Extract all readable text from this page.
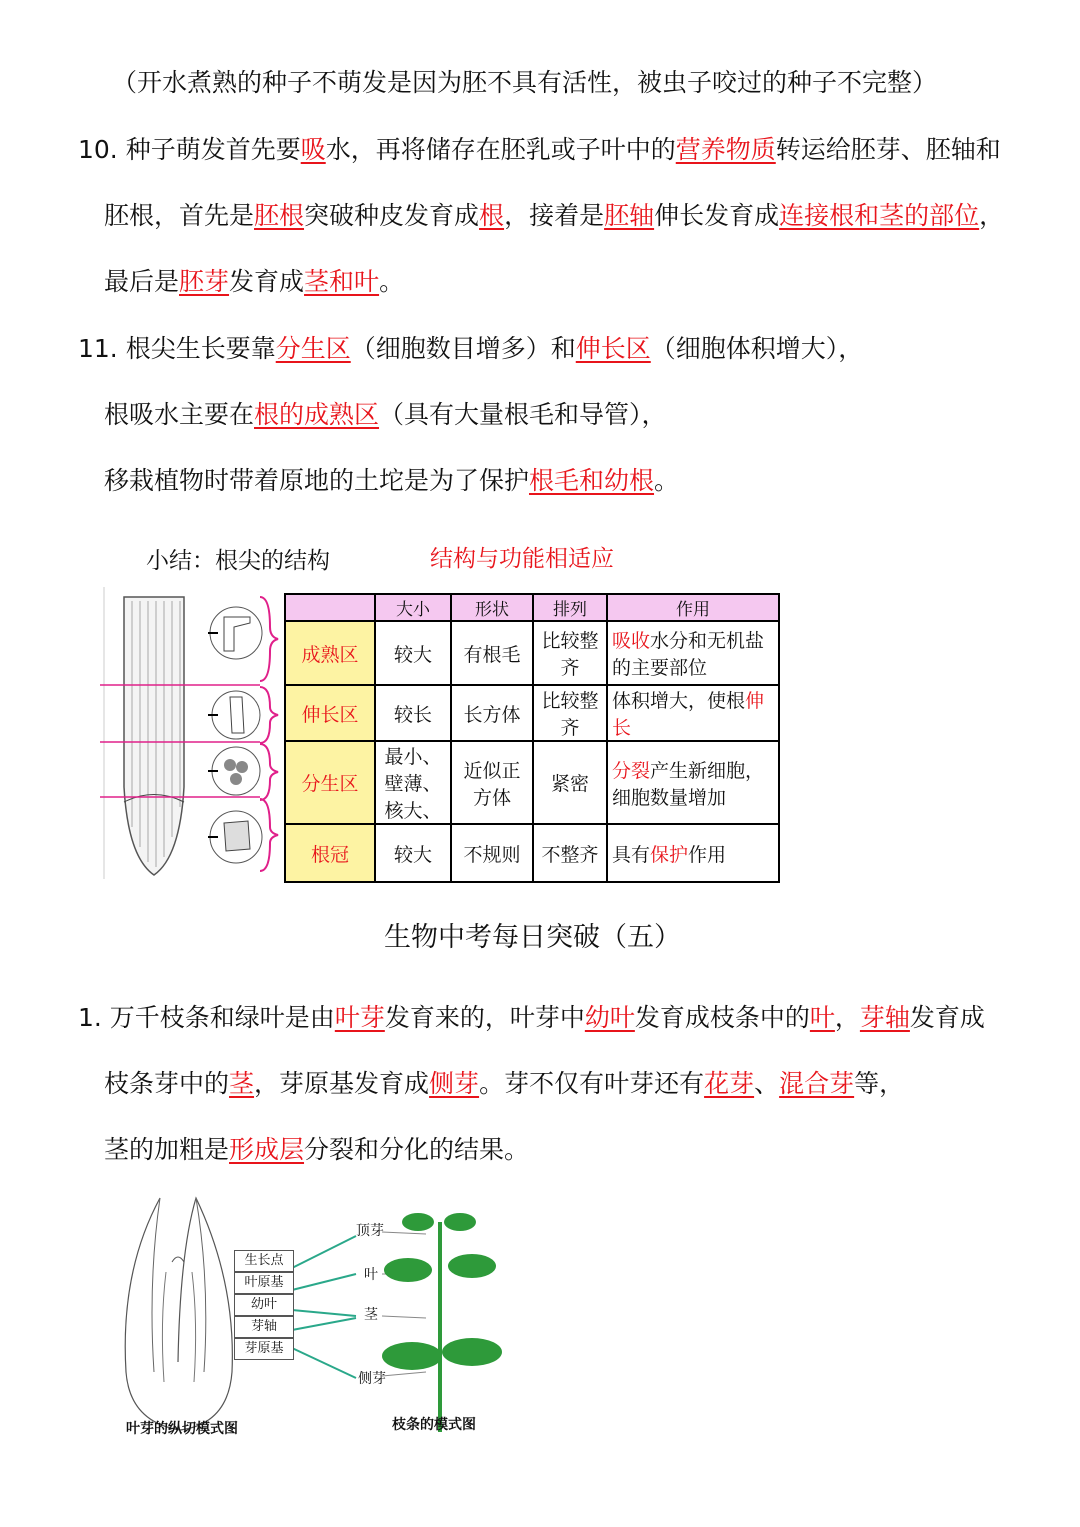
（开水煮熟的种子不萌发是因为胚不具有活性，被虫子咬过的种子不完整）
10. 种子萌发首先要吸水，再将储存在胚乳或子叶中的营养物质转运给胚芽、胚轴和
胚根，首先是胚根突破种皮发育成根，接着是胚轴伸长发育成连接根和茎的部位，
最后是胚芽发育成茎和叶。
11. 根尖生长要靠分生区（细胞数目增多）和伸长区（细胞体积增大），
根吸水主要在根的成熟区（具有大量根毛和导管），
移栽植物时带着原地的土坨是为了保护根毛和幼根。
小结：根尖的结构	结构与功能相适应
	大小	形状	排列	作用
成熟区	较大	有根毛	比较整齐	吸收水分和无机盐的主要部位
伸长区	较长	长方体	比较整齐	体积增大，使根伸长
分生区	最小、壁薄、核大、	近似正方体	紧密	分裂产生新细胞，细胞数量增加
根冠	较大	不规则	不整齐	具有保护作用
生物中考每日突破（五）
1. 万千枝条和绿叶是由叶芽发育来的，叶芽中幼叶发育成枝条中的叶，芽轴发育成
枝条芽中的茎，芽原基发育成侧芽。芽不仅有叶芽还有花芽、混合芽等，
茎的加粗是形成层分裂和分化的结果。
生长点
叶原基
幼叶
芽轴
芽原基
顶芽
叶
茎
侧芽
叶芽的纵切模式图	枝条的模式图
